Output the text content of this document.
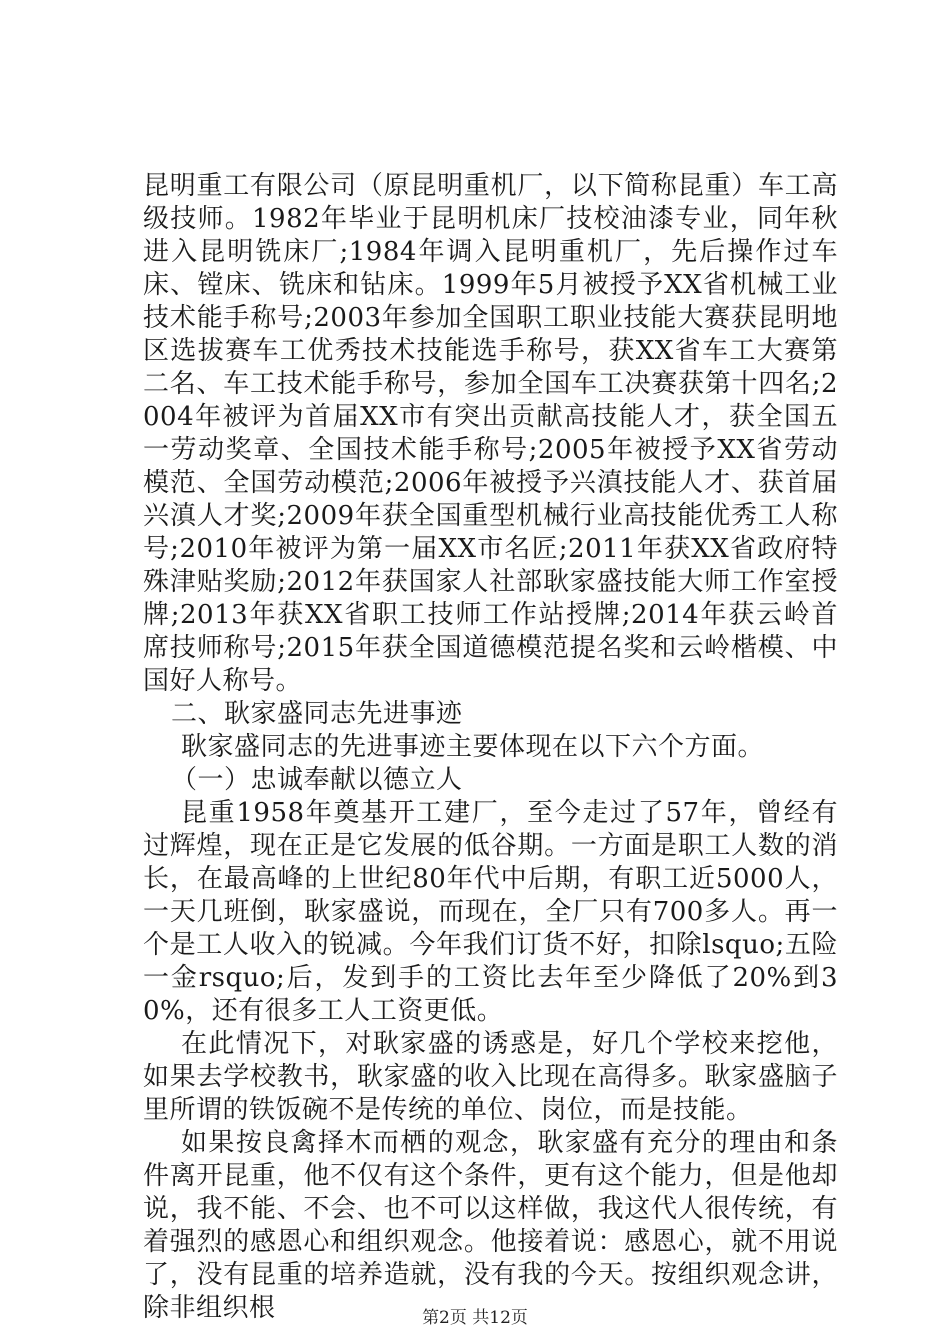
昆明重工有限公司（原昆明重机厂，以下简称昆重）车工高级技师。1982年毕业于昆明机床厂技校油漆专业，同年秋进入昆明铣床厂;1984年调入昆明重机厂，先后操作过车床、镗床、铣床和钻床。1999年5月被授予XX省机械工业技术能手称号;2003年参加全国职工职业技能大赛获昆明地区选拔赛车工优秀技术技能选手称号，获XX省车工大赛第二名、车工技术能手称号，参加全国车工决赛获第十四名;2004年被评为首届XX市有突出贡献高技能人才，获全国五一劳动奖章、全国技术能手称号;2005年被授予XX省劳动模范、全国劳动模范;2006年被授予兴滇技能人才、获首届兴滇人才奖;2009年获全国重型机械行业高技能优秀工人称号;2010年被评为第一届XX市名匠;2011年获XX省政府特殊津贴奖励;2012年获国家人社部耿家盛技能大师工作室授牌;2013年获XX省职工技师工作站授牌;2014年获云岭首席技师称号;2015年获全国道德模范提名奖和云岭楷模、中国好人称号。

二、耿家盛同志先进事迹

耿家盛同志的先进事迹主要体现在以下六个方面。

（一）忠诚奉献以德立人

昆重1958年奠基开工建厂，至今走过了57年，曾经有过辉煌，现在正是它发展的低谷期。一方面是职工人数的消长，在最高峰的上世纪80年代中后期，有职工近5000人，一天几班倒，耿家盛说，而现在，全厂只有700多人。再一个是工人收入的锐减。今年我们订货不好，扣除lsquo;五险一金rsquo;后，发到手的工资比去年至少降低了20%到30%，还有很多工人工资更低。

在此情况下，对耿家盛的诱惑是，好几个学校来挖他，如果去学校教书，耿家盛的收入比现在高得多。耿家盛脑子里所谓的铁饭碗不是传统的单位、岗位，而是技能。

如果按良禽择木而栖的观念，耿家盛有充分的理由和条件离开昆重，他不仅有这个条件，更有这个能力，但是他却说，我不能、不会、也不可以这样做，我这代人很传统，有着强烈的感恩心和组织观念。他接着说：感恩心，就不用说了，没有昆重的培养造就，没有我的今天。按组织观念讲，除非组织根	第2页 共12页
